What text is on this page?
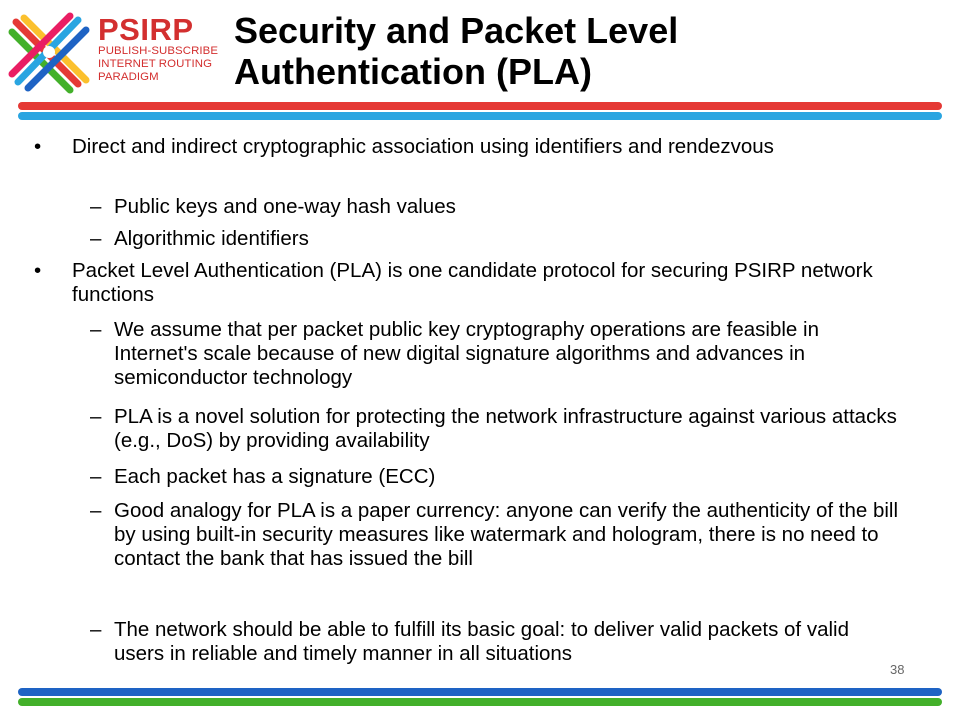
PSIRP
PUBLISH-SUBSCRIBE
INTERNET ROUTING
PARADIGM
Security and Packet Level
Authentication (PLA)
• Direct and indirect cryptographic association using identifiers and rendezvous
– Public keys and one-way hash values
– Algorithmic identifiers
• Packet Level Authentication (PLA) is one candidate protocol for securing PSIRP network functions
– We assume that per packet public key cryptography operations are feasible in Internet's scale because of new digital signature algorithms and advances in semiconductor technology
– PLA is a novel solution for protecting the network infrastructure against various attacks (e.g., DoS) by providing availability
– Each packet has a signature (ECC)
– Good analogy for PLA is a paper currency: anyone can verify the authenticity of the bill by using built-in security measures like watermark and hologram, there is no need to contact the bank that has issued the bill
– The network should be able to fulfill its basic goal: to deliver valid packets of valid users in reliable and timely manner in all situations
38
